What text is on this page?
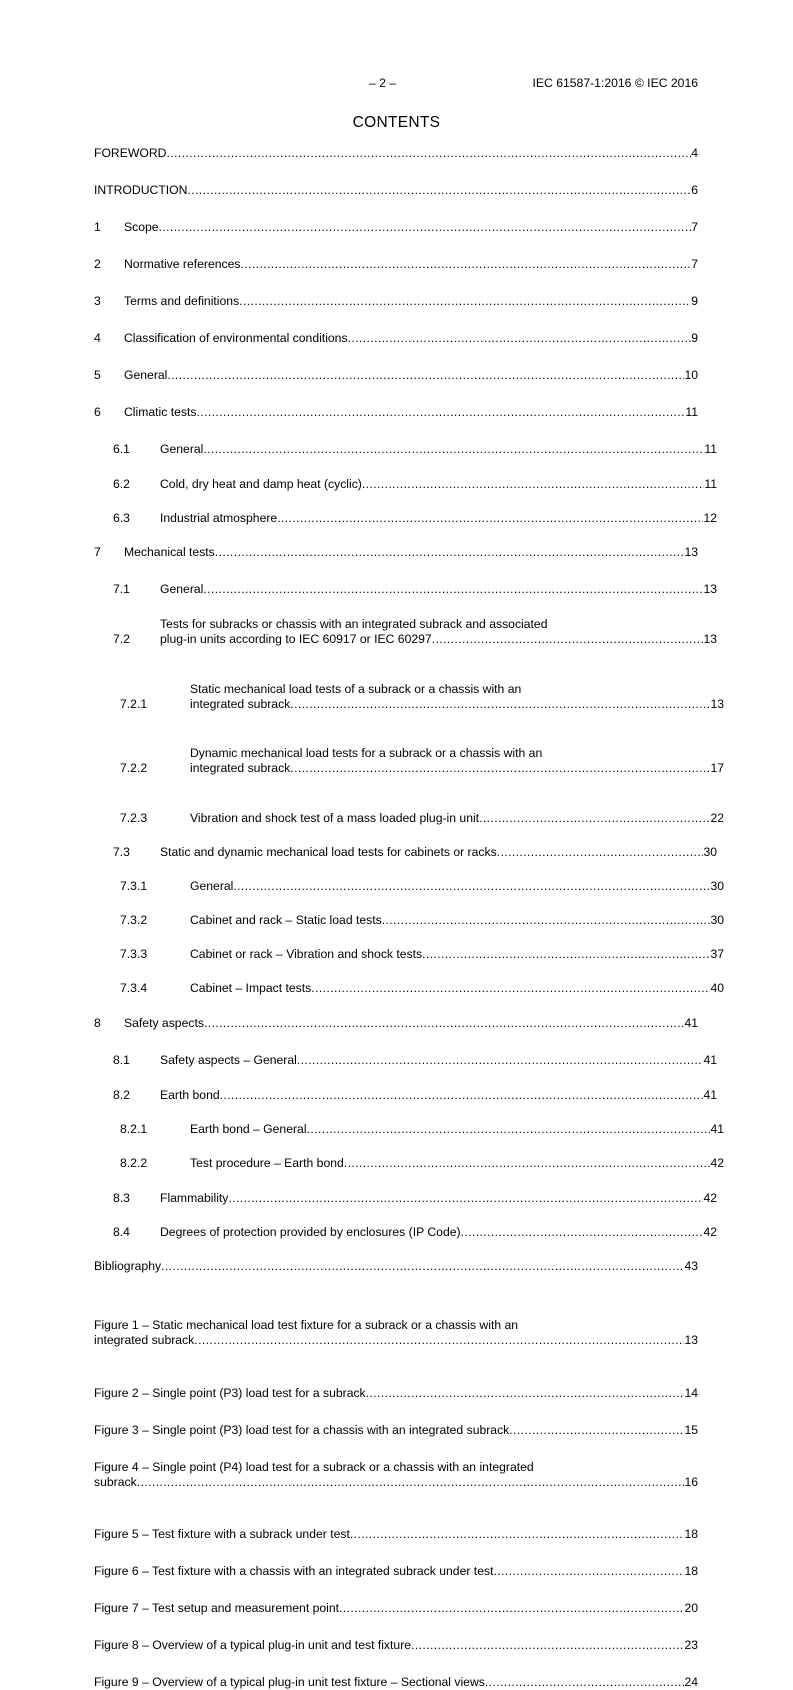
– 2 –	IEC 61587-1:2016 © IEC 2016
CONTENTS
FOREWORD .....	4
INTRODUCTION .....	6
1	Scope .....	7
2	Normative references .....	7
3	Terms and definitions .....	9
4	Classification of environmental conditions .....	9
5	General .....	10
6	Climatic tests .....	11
6.1	General .....	11
6.2	Cold, dry heat and damp heat (cyclic) .....	11
6.3	Industrial atmosphere .....	12
7	Mechanical tests .....	13
7.1	General .....	13
7.2
Tests for subracks or chassis with an integrated subrack and associated
plug-in units according to IEC 60917 or IEC 60297 .....	13
7.2.1
Static mechanical load tests of a subrack or a chassis with an
integrated subrack .....	13
7.2.2
Dynamic mechanical load tests for a subrack or a chassis with an
integrated subrack .....	17
7.2.3	Vibration and shock test of a mass loaded plug-in unit .....	22
7.3	Static and dynamic mechanical load tests for cabinets or racks .....	30
7.3.1	General .....	30
7.3.2	Cabinet and rack – Static load tests .....	30
7.3.3	Cabinet or rack – Vibration and shock tests .....	37
7.3.4	Cabinet – Impact tests .....	40
8	Safety aspects .....	41
8.1	Safety aspects – General .....	41
8.2	Earth bond .....	41
8.2.1	Earth bond – General .....	41
8.2.2	Test procedure – Earth bond .....	42
8.3	Flammability .....	42
8.4	Degrees of protection provided by enclosures (IP Code) .....	42
Bibliography .....	43
Figure 1 – Static mechanical load test fixture for a subrack or a chassis with an
integrated subrack .....	13
Figure 2 – Single point (P3) load test for a subrack .....	14
Figure 3 – Single point (P3) load test for a chassis with an integrated subrack .....	15
Figure 4 – Single point (P4) load test for a subrack or a chassis with an integrated
subrack .....	16
Figure 5 – Test fixture with a subrack under test .....	18
Figure 6 – Test fixture with a chassis with an integrated subrack under test .....	18
Figure 7 – Test setup and measurement point .....	20
Figure 8 – Overview of a typical plug-in unit and test fixture .....	23
Figure 9 – Overview of a typical plug-in unit test fixture – Sectional views .....	24
